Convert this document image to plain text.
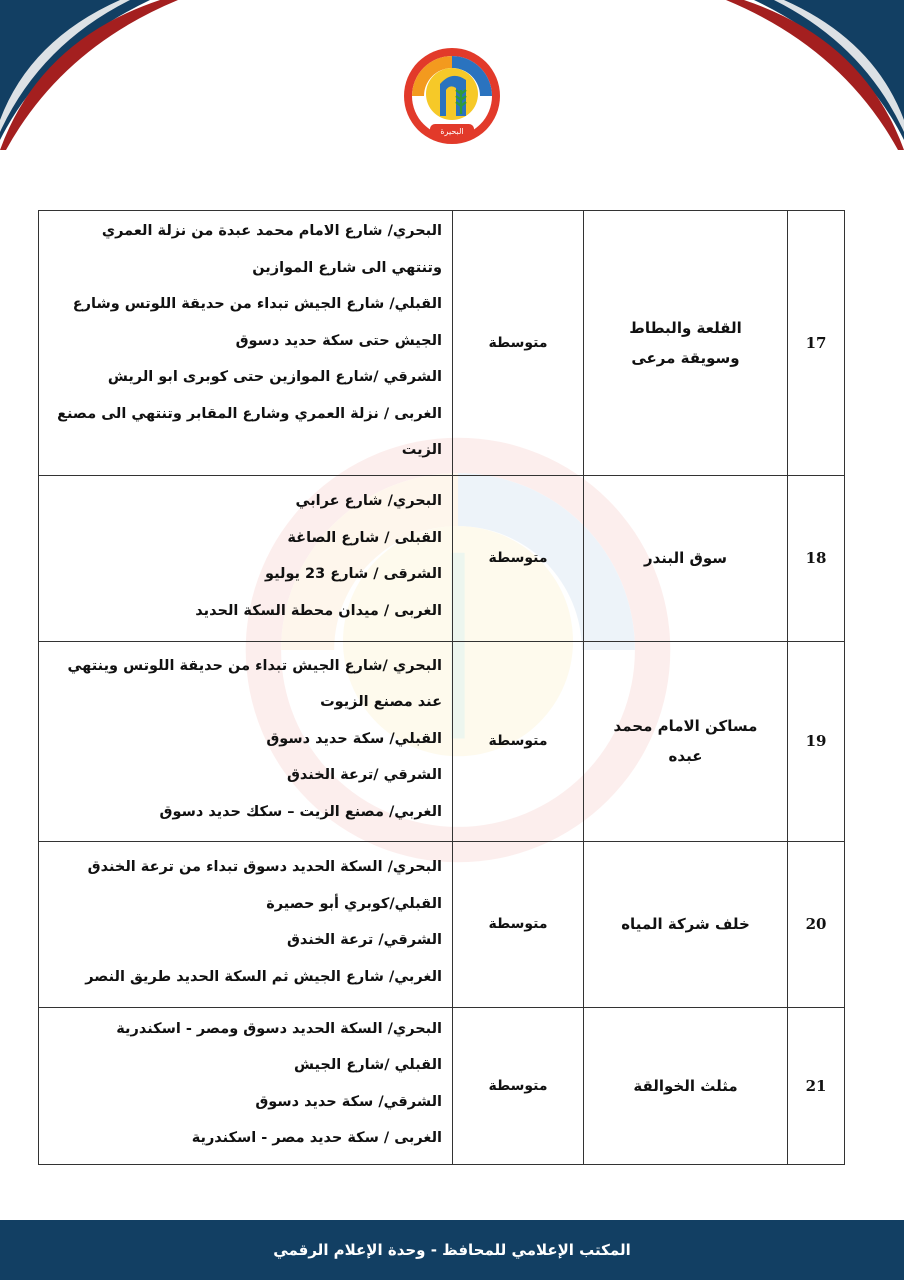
البحيرة
17	القلعة والبطاط وسويقة مرعى	متوسطة	البحري/ شارع الامام محمد عبدة من نزلة العمري وتنتهي الى شارع الموازين
القبلي/ شارع الجيش تبداء من حديقة اللوتس وشارع الجيش حتى سكة حديد دسوق
الشرقي /شارع الموازين حتى كوبرى ابو الريش
الغربى / نزلة العمري وشارع المقابر وتنتهي الى مصنع الزيت

18	سوق البندر	متوسطة	البحري/ شارع عرابي
القبلى / شارع الصاغة
الشرقى / شارع 23 يوليو
الغربى / ميدان محطة السكة الحديد

19	مساكن الامام محمد عبده	متوسطة	البحري /شارع الجيش تبداء من حديقة اللوتس وينتهي عند مصنع الزيوت
القبلي/ سكة حديد دسوق
الشرقي /ترعة الخندق
الغربي/ مصنع الزيت – سكك حديد دسوق

20	خلف شركة المياه	متوسطة	البحري/ السكة الحديد دسوق تبداء من ترعة الخندق
القبلي/كوبري أبو حصيرة
الشرقي/ ترعة الخندق
الغربي/ شارع الجيش ثم السكة الحديد طريق النصر

21	مثلث الخوالقة	متوسطة	البحري/ السكة الحديد دسوق ومصر - اسكندرية
القبلي /شارع الجيش
الشرقي/ سكة حديد دسوق
الغربى / سكة حديد مصر - اسكندرية
المكتب الإعلامي للمحافظ - وحدة الإعلام الرقمي
